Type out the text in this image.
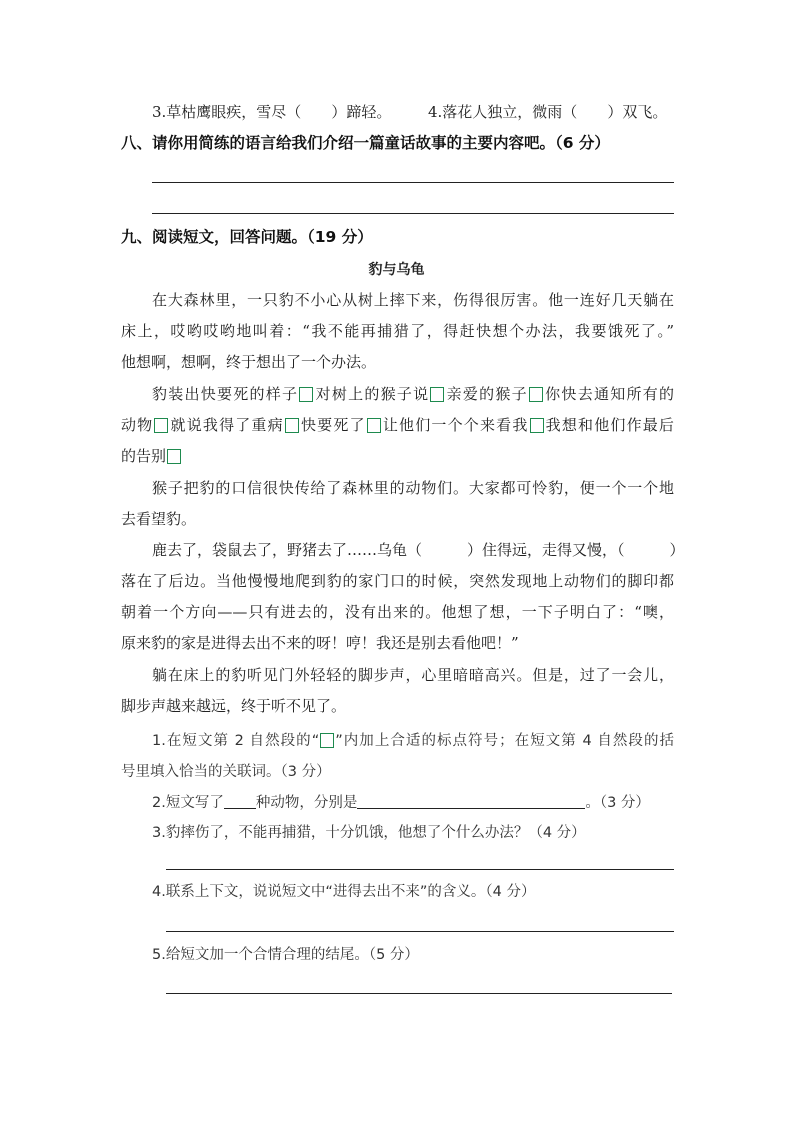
3.草枯鹰眼疾，雪尽（　　）蹄轻。 4.落花人独立，微雨（　　）双飞。
八、请你用简练的语言给我们介绍一篇童话故事的主要内容吧。（6 分）
九、阅读短文，回答问题。（19 分）
豹与乌龟
在大森林里，一只豹不小心从树上摔下来，伤得很厉害。他一连好几天躺在
床上，哎哟哎哟地叫着：“我不能再捕猎了，得赶快想个办法，我要饿死了。”
他想啊，想啊，终于想出了一个办法。
豹装出快要死的样子 对树上的猴子说 亲爱的猴子 你快去通知所有的
动物 就说我得了重病 快要死了 让他们一个个来看我 我想和他们作最后
的告别
猴子把豹的口信很快传给了森林里的动物们。大家都可怜豹，便一个一个地
去看望豹。
鹿去了，袋鼠去了，野猪去了……乌龟（　　　）住得远，走得又慢，（　　　）
落在了后边。当他慢慢地爬到豹的家门口的时候，突然发现地上动物们的脚印都
朝着一个方向——只有进去的，没有出来的。他想了想，一下子明白了：“噢，
原来豹的家是进得去出不来的呀！哼！我还是别去看他吧！”
躺在床上的豹听见门外轻轻的脚步声，心里暗暗高兴。但是，过了一会儿，
脚步声越来越远，终于听不见了。
1.在短文第 2 自然段的“ ”内加上合适的标点符号；在短文第 4 自然段的括
号里填入恰当的关联词。（3 分）
2.短文写了 种动物，分别是	。（3 分）
3.豹摔伤了，不能再捕猎，十分饥饿，他想了个什么办法？（4 分）
4.联系上下文，说说短文中“进得去出不来”的含义。（4 分）
5.给短文加一个合情合理的结尾。（5 分）
